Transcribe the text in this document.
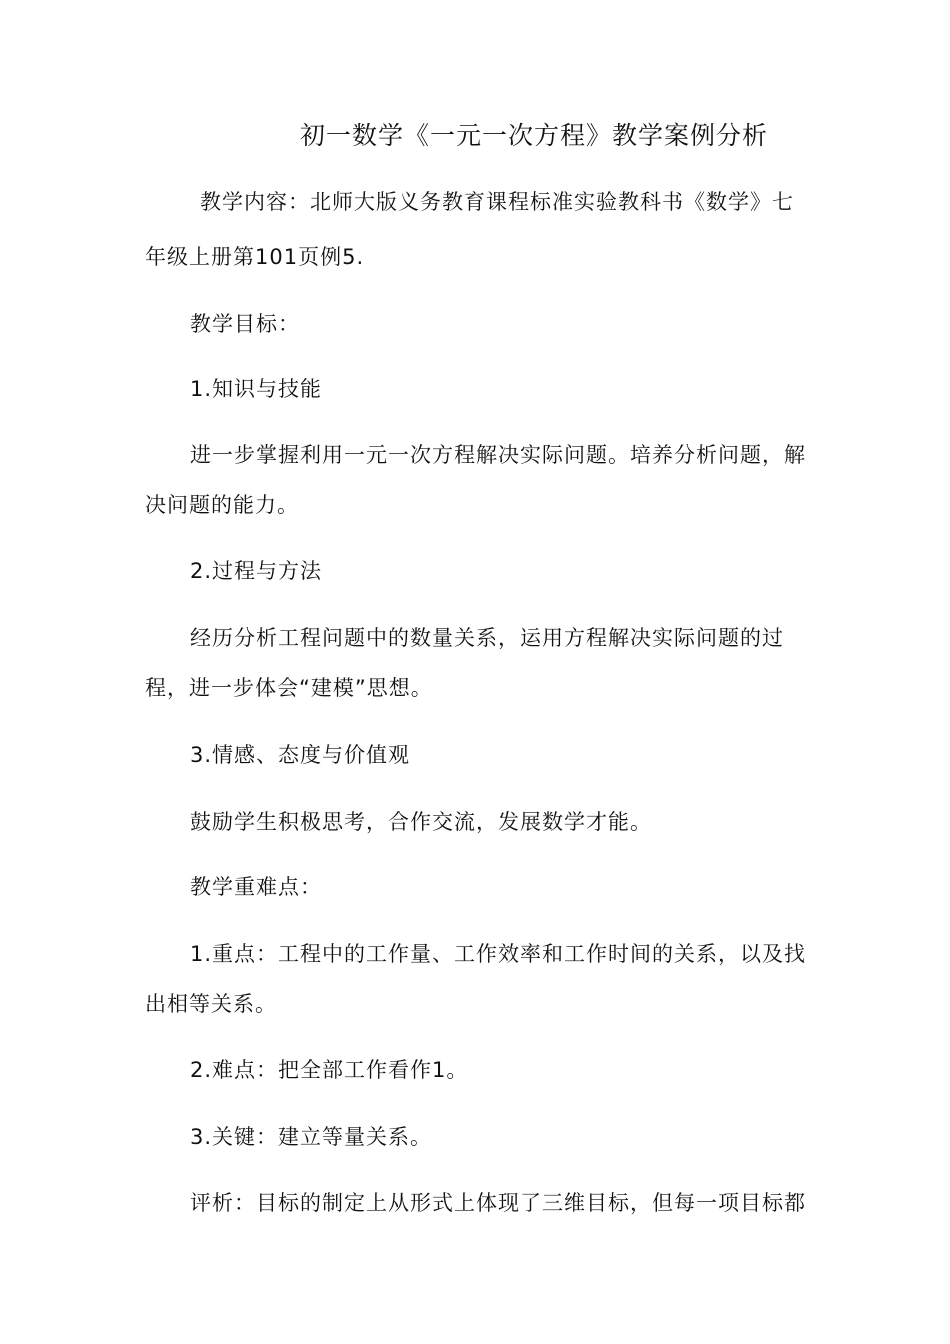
初一数学《一元一次方程》教学案例分析
教学内容：北师大版义务教育课程标准实验教科书《数学》七
年级上册第101页例5.
教学目标：
1.知识与技能
进一步掌握利用一元一次方程解决实际问题。培养分析问题，解
决问题的能力。
2.过程与方法
经历分析工程问题中的数量关系，运用方程解决实际问题的过
程，进一步体会“建模”思想。
3.情感、态度与价值观
鼓励学生积极思考，合作交流，发展数学才能。
教学重难点：
1.重点：工程中的工作量、工作效率和工作时间的关系，以及找
出相等关系。
2.难点：把全部工作看作1。
3.关键：建立等量关系。
评析：目标的制定上从形式上体现了三维目标，但每一项目标都
